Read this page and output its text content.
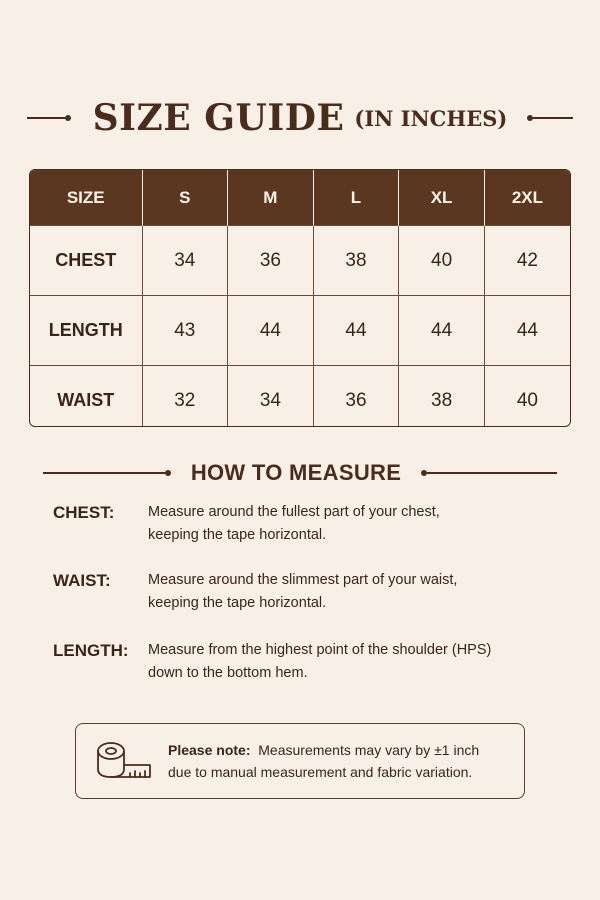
SIZE GUIDE (IN INCHES)
SIZE	S	M	L	XL	2XL
CHEST	34	36	38	40	42
LENGTH	43	44	44	44	44
WAIST	32	34	36	38	40
HOW TO MEASURE
CHEST:	Measure around the fullest part of your chest,
keeping the tape horizontal.
WAIST:	Measure around the slimmest part of your waist,
keeping the tape horizontal.
LENGTH:	Measure from the highest point of the shoulder (HPS)
down to the bottom hem.
Please note: Measurements may vary by ±1 inch
due to manual measurement and fabric variation.
